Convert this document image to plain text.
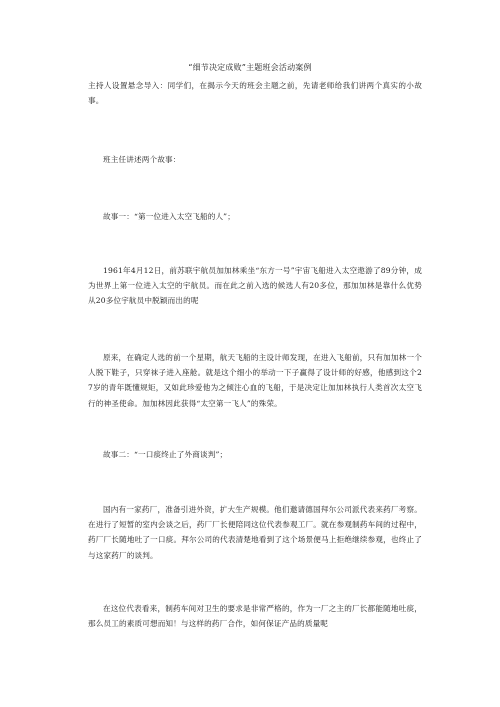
“细节决定成败”主题班会活动案例

主持人设置悬念导入：同学们，在揭示今天的班会主题之前，先请老师给我们讲两个真实的小故事。

班主任讲述两个故事：

故事一：“第一位进入太空飞船的人”；

1961年4月12日，前苏联宇航员加加林乘坐“东方一号”宇宙飞船进入太空遨游了89分钟，成为世界上第一位进入太空的宇航员。而在此之前入选的候选人有20多位，那加加林是靠什么优势从20多位宇航员中脱颖而出的呢

原来，在确定人选的前一个星期，航天飞船的主设计师发现，在进入飞船前，只有加加林一个人脱下鞋子，只穿袜子进入座舱。就是这个细小的举动一下子赢得了设计师的好感，他感到这个27岁的青年既懂规矩，又如此珍爱他为之倾注心血的飞船，于是决定让加加林执行人类首次太空飞行的神圣使命。加加林因此获得“太空第一飞人”的殊荣。

故事二：“一口痰终止了外商谈判”；

国内有一家药厂，准备引进外资，扩大生产规模。他们邀请德国拜尔公司派代表来药厂考察。在进行了短暂的室内会谈之后，药厂厂长便陪同这位代表参观工厂。就在参观制药车间的过程中，药厂厂长随地吐了一口痰。拜尔公司的代表清楚地看到了这个场景便马上拒绝继续参观，也终止了与这家药厂的谈判。

在这位代表看来，制药车间对卫生的要求是非常严格的，作为一厂之主的厂长都能随地吐痰，那么员工的素质可想而知！与这样的药厂合作，如何保证产品的质量呢
